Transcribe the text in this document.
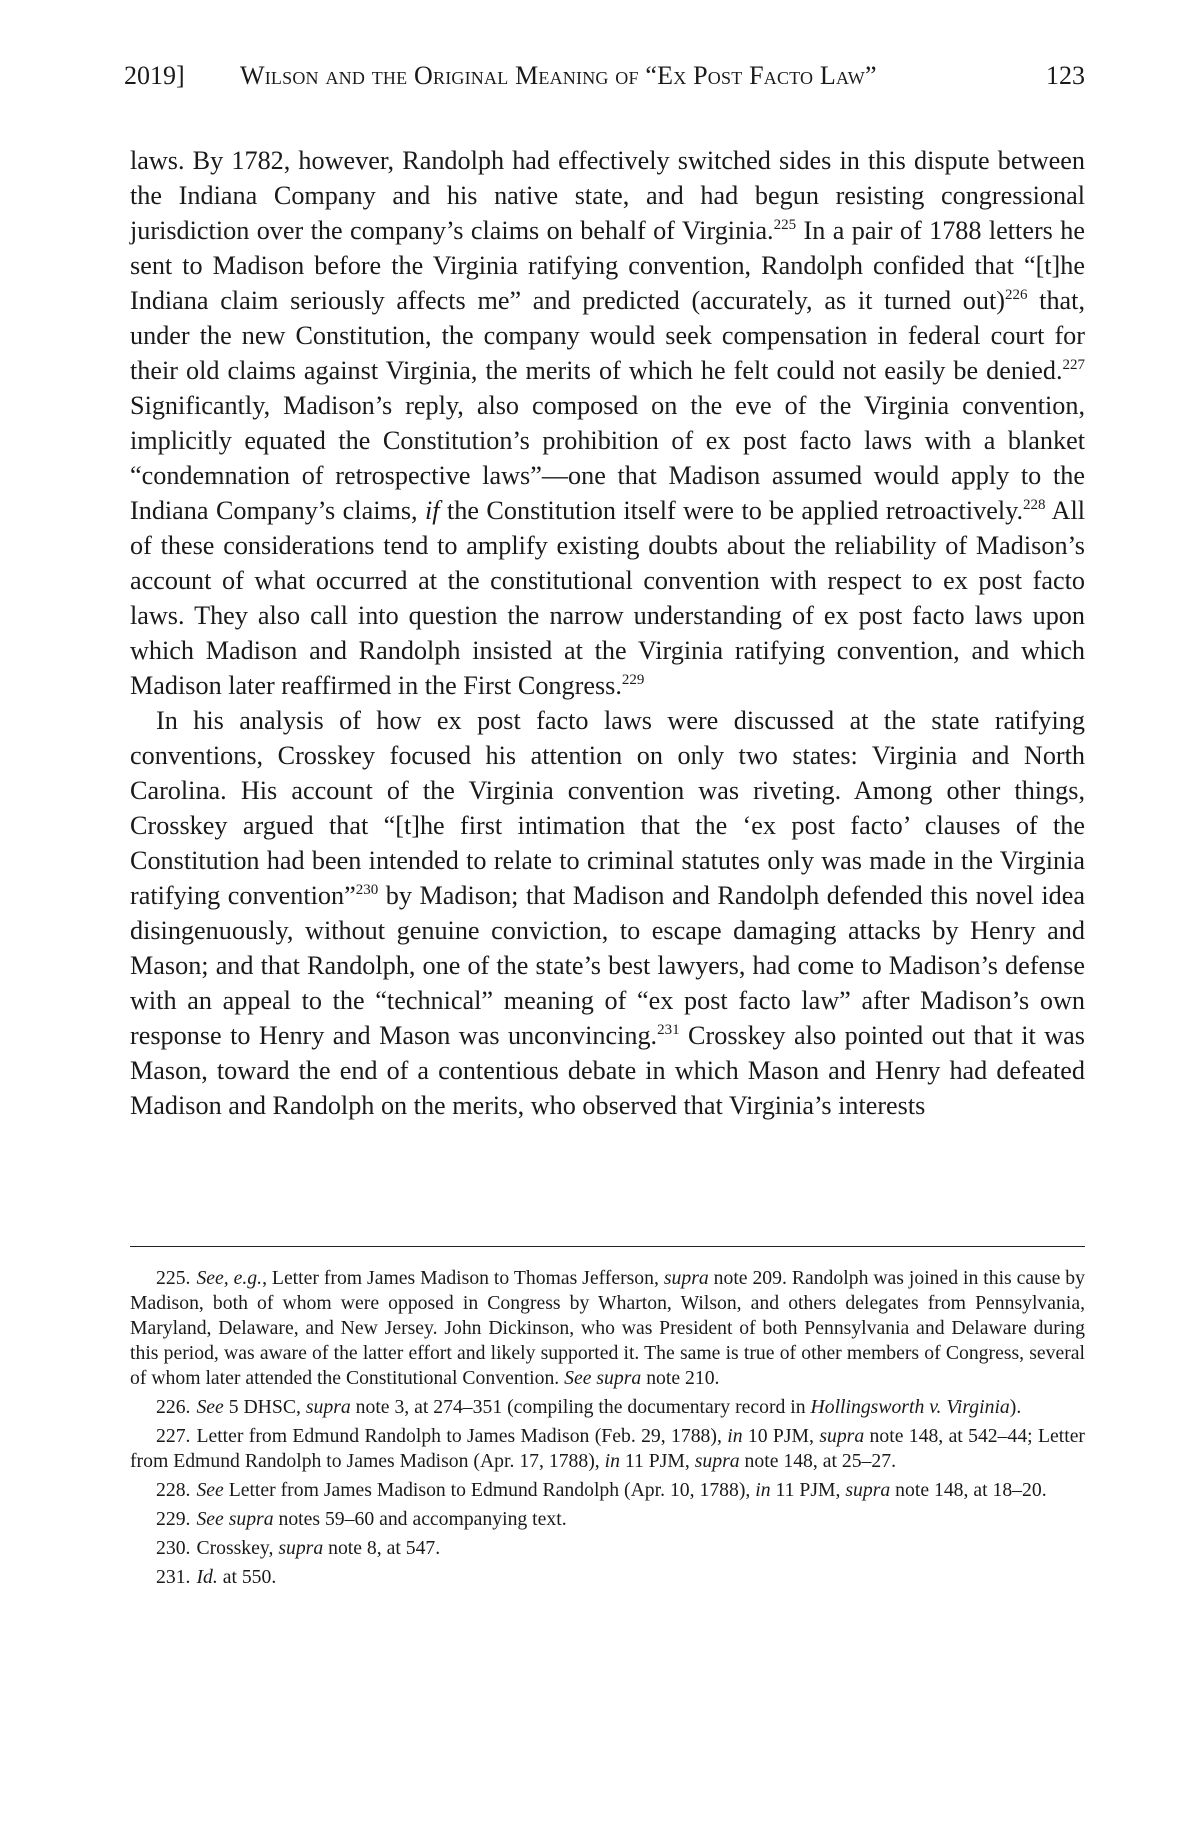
2019] Wilson and the Original Meaning of “Ex Post Facto Law”	123

laws. By 1782, however, Randolph had effectively switched sides in this dispute between the Indiana Company and his native state, and had begun resisting congressional jurisdiction over the company’s claims on behalf of Virginia.$^{225}$ In a pair of 1788 letters he sent to Madison before the Virginia ratifying convention, Randolph confided that “[t]he Indiana claim seriously affects me” and predicted (accurately, as it turned out)$^{226}$ that, under the new Constitution, the company would seek compensation in federal court for their old claims against Virginia, the merits of which he felt could not easily be denied.$^{227}$ Significantly, Madison’s reply, also composed on the eve of the Virginia convention, implicitly equated the Constitution’s prohibition of ex post facto laws with a blanket “condemnation of retrospective laws”—one that Madison assumed would apply to the Indiana Company’s claims, if the Constitution itself were to be applied retroactively.$^{228}$ All of these considerations tend to amplify existing doubts about the reliability of Madison’s account of what occurred at the constitutional convention with respect to ex post facto laws. They also call into question the narrow understanding of ex post facto laws upon which Madison and Randolph insisted at the Virginia ratifying convention, and which Madison later reaffirmed in the First Congress.$^{229}$

In his analysis of how ex post facto laws were discussed at the state ratifying conventions, Crosskey focused his attention on only two states: Virginia and North Carolina. His account of the Virginia convention was riveting. Among other things, Crosskey argued that “[t]he first intimation that the ‘ex post facto’ clauses of the Constitution had been intended to relate to criminal statutes only was made in the Virginia ratifying convention”$^{230}$ by Madison; that Madison and Randolph defended this novel idea disingenuously, without genuine conviction, to escape damaging attacks by Henry and Mason; and that Randolph, one of the state’s best lawyers, had come to Madison’s defense with an appeal to the “technical” meaning of “ex post facto law” after Madison’s own response to Henry and Mason was unconvincing.$^{231}$ Crosskey also pointed out that it was Mason, toward the end of a contentious debate in which Mason and Henry had defeated Madison and Randolph on the merits, who observed that Virginia’s interests

225. See, e.g., Letter from James Madison to Thomas Jefferson, supra note 209. Randolph was joined in this cause by Madison, both of whom were opposed in Congress by Wharton, Wilson, and others delegates from Pennsylvania, Maryland, Delaware, and New Jersey. John Dickinson, who was President of both Pennsylvania and Delaware during this period, was aware of the latter effort and likely supported it. The same is true of other members of Congress, several of whom later attended the Constitutional Convention. See supra note 210.

226. See 5 DHSC, supra note 3, at 274–351 (compiling the documentary record in Hollingsworth v. Virginia).

227. Letter from Edmund Randolph to James Madison (Feb. 29, 1788), in 10 PJM, supra note 148, at 542–44; Letter from Edmund Randolph to James Madison (Apr. 17, 1788), in 11 PJM, supra note 148, at 25–27.

228. See Letter from James Madison to Edmund Randolph (Apr. 10, 1788), in 11 PJM, supra note 148, at 18–20.

229. See supra notes 59–60 and accompanying text.

230. Crosskey, supra note 8, at 547.

231. Id. at 550.
